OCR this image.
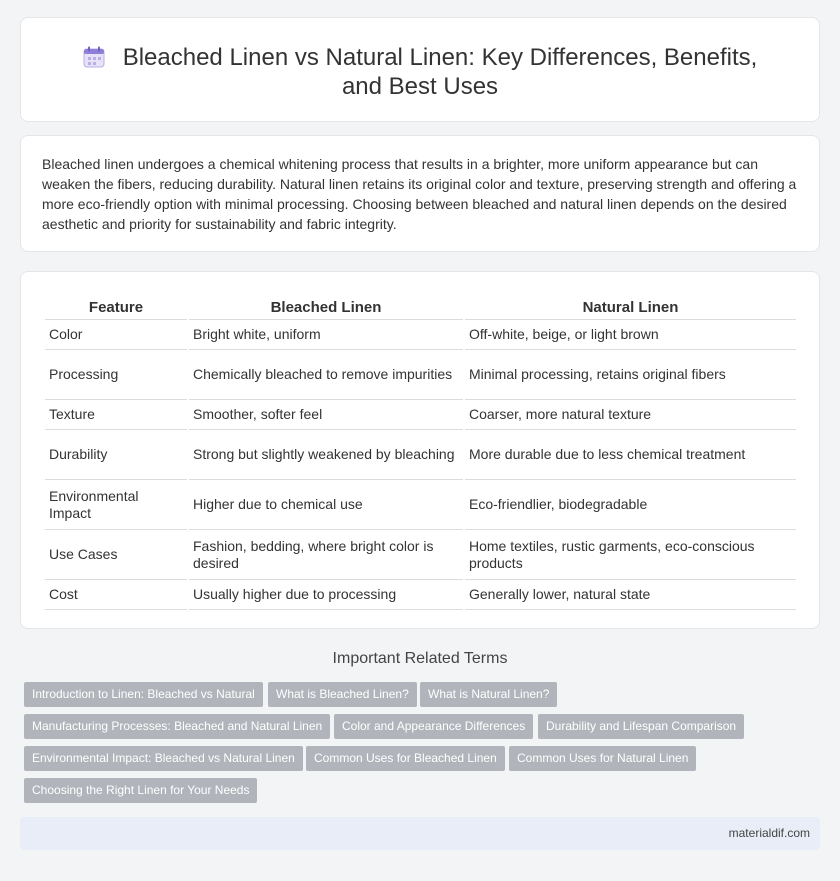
Bleached Linen vs Natural Linen: Key Differences, Benefits, and Best Uses

Bleached linen undergoes a chemical whitening process that results in a brighter, more uniform appearance but can weaken the fibers, reducing durability. Natural linen retains its original color and texture, preserving strength and offering a more eco-friendly option with minimal processing. Choosing between bleached and natural linen depends on the desired aesthetic and priority for sustainability and fabric integrity.

Feature	Bleached Linen	Natural Linen
Color	Bright white, uniform	Off-white, beige, or light brown
Processing	Chemically bleached to remove impurities	Minimal processing, retains original fibers
Texture	Smoother, softer feel	Coarser, more natural texture
Durability	Strong but slightly weakened by bleaching	More durable due to less chemical treatment
Environmental Impact	Higher due to chemical use	Eco-friendlier, biodegradable
Use Cases	Fashion, bedding, where bright color is desired	Home textiles, rustic garments, eco-conscious products
Cost	Usually higher due to processing	Generally lower, natural state
Important Related Terms
Introduction to Linen: Bleached vs Natural	What is Bleached Linen?	What is Natural Linen?
Manufacturing Processes: Bleached and Natural Linen	Color and Appearance Differences	Durability and Lifespan Comparison
Environmental Impact: Bleached vs Natural Linen	Common Uses for Bleached Linen	Common Uses for Natural Linen
Choosing the Right Linen for Your Needs
materialdif.com
